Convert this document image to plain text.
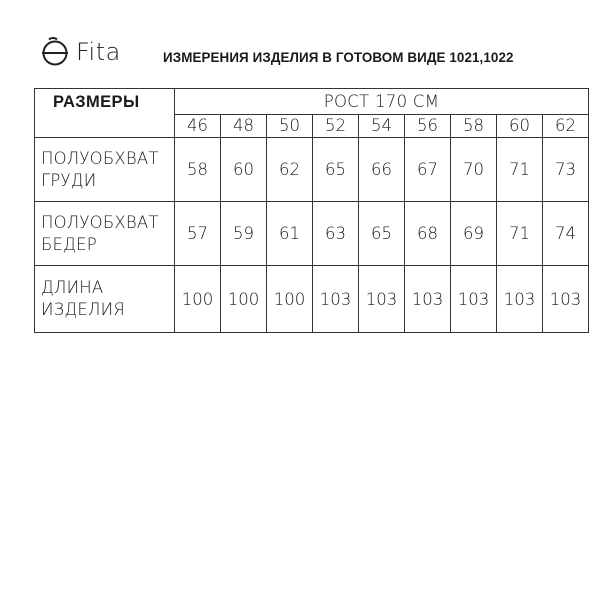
Fita	ИЗМЕРЕНИЯ ИЗДЕЛИЯ В ГОТОВОМ ВИДЕ 1021,1022
РАЗМЕРЫ	РОСТ 170 СМ								
	46	48	50	52	54	56	58	60	62

ПОЛУОБХВАТ
ГРУДИ	58	60	62	65	66	67	70	71	73

ПОЛУОБХВАТ
БЕДЕР	57	59	61	63	65	68	69	71	74

ДЛИНА
ИЗДЕЛИЯ	100	100	100	103	103	103	103	103	103
